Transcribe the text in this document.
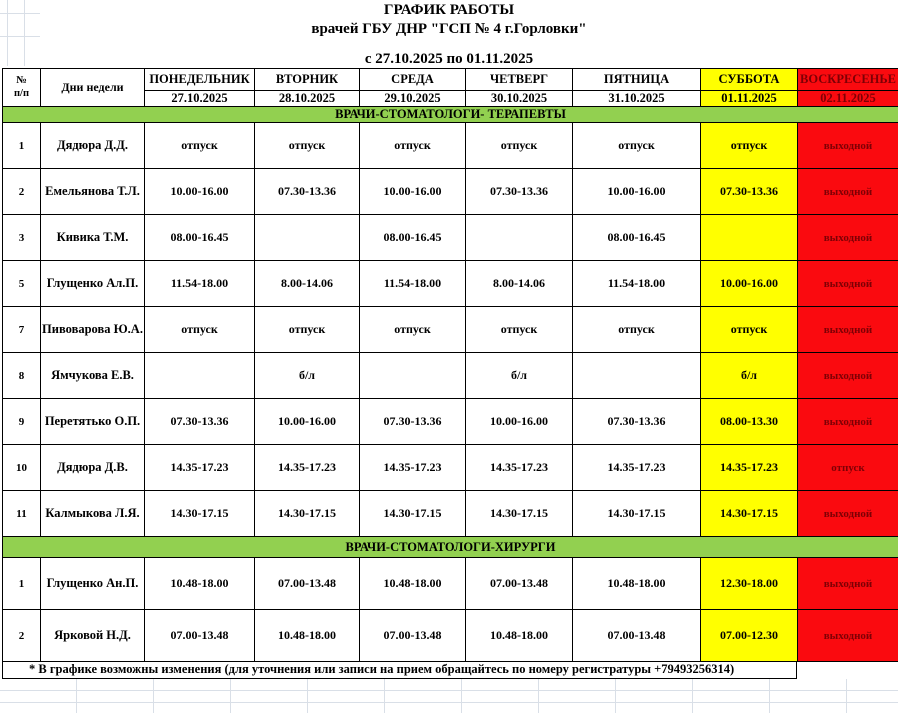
ГРАФИК РАБОТЫ
врачей ГБУ ДНР "ГСП № 4 г.Горловки"
с 27.10.2025 по 01.11.2025
№
п/п	Дни недели	ПОНЕДЕЛЬНИК	ВТОРНИК	СРЕДА	ЧЕТВЕРГ	ПЯТНИЦА	СУББОТА	ВОСКРЕСЕНЬЕ
		27.10.2025	28.10.2025	29.10.2025	30.10.2025	31.10.2025	01.11.2025	02.11.2025
ВРАЧИ-СТОМАТОЛОГИ- ТЕРАПЕВТЫ								
1	Дядюра Д.Д.	отпуск	отпуск	отпуск	отпуск	отпуск	отпуск	выходной
2	Емельянова Т.Л.	10.00-16.00	07.30-13.36	10.00-16.00	07.30-13.36	10.00-16.00	07.30-13.36	выходной
3	Кивика Т.М.	08.00-16.45		08.00-16.45		08.00-16.45		выходной
5	Глущенко Ал.П.	11.54-18.00	8.00-14.06	11.54-18.00	8.00-14.06	11.54-18.00	10.00-16.00	выходной
7	Пивоварова Ю.А.	отпуск	отпуск	отпуск	отпуск	отпуск	отпуск	выходной
8	Ямчукова Е.В.		б/л		б/л		б/л	выходной
9	Перетятько О.П.	07.30-13.36	10.00-16.00	07.30-13.36	10.00-16.00	07.30-13.36	08.00-13.30	выходной
10	Дядюра Д.В.	14.35-17.23	14.35-17.23	14.35-17.23	14.35-17.23	14.35-17.23	14.35-17.23	отпуск
11	Калмыкова Л.Я.	14.30-17.15	14.30-17.15	14.30-17.15	14.30-17.15	14.30-17.15	14.30-17.15	выходной
ВРАЧИ-СТОМАТОЛОГИ-ХИРУРГИ								
1	Глущенко Ан.П.	10.48-18.00	07.00-13.48	10.48-18.00	07.00-13.48	10.48-18.00	12.30-18.00	выходной
2	Ярковой Н.Д.	07.00-13.48	10.48-18.00	07.00-13.48	10.48-18.00	07.00-13.48	07.00-12.30	выходной
* В графике возможны изменения (для уточнения или записи на прием обращайтесь по номеру регистратуры +79493256314)
